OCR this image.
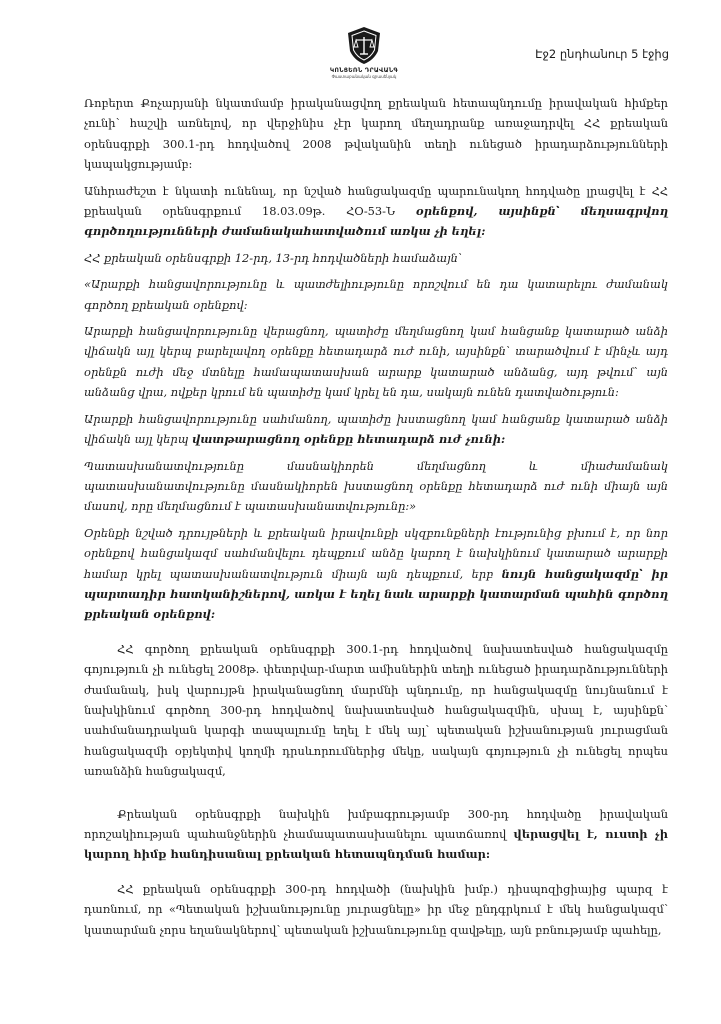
ԿՈՆՑԵՌՆ ԴՐԱՎԱՆԳ
Փաստաբանական գրասենյակ
Էջ2 ընդհանուր 5 էջից

Ռոբերտ Քոչարյանի նկատմամբ իրականացվող քրեական հետապնդումը իրավական հիմքեր չունի՝ հաշվի առնելով, որ վերջինիս չէր կարող մեղադրանք առաջադրվել ՀՀ քրեական օրենսգրքի 300.1-րդ հոդվածով 2008 թվականին տեղի ունեցած իրադարձությունների կապակցությամբ:

Անհրաժեշտ է նկատի ունենալ, որ նշված հանցակազմը պարունակող հոդվածը լրացվել է ՀՀ քրեական օրենսգրքում 18.03.09թ. ՀՕ-53-Ն օրենքով, այսինքն՝ մեղսագրվող գործողությունների ժամանակահատվածում առկա չի եղել:

ՀՀ քրեական օրենսգրքի 12-րդ, 13-րդ հոդվածների համաձայն՝

«Արարքի հանցավորությունը և պատժելիությունը որոշվում են դա կատարելու ժամանակ գործող քրեական օրենքով:

Արարքի հանցավորությունը վերացնող, պատիժը մեղմացնող կամ հանցանք կատարած անձի վիճակն այլ կերպ բարելավող օրենքը հետադարձ ուժ ունի, այսինքն՝ տարածվում է մինչև այդ օրենքն ուժի մեջ մտնելը համապատասխան արարք կատարած անձանց, այդ թվում՝ այն անձանց վրա, ովքեր կրում են պատիժը կամ կրել են դա, սակայն ունեն դատվածություն:

Արարքի հանցավորությունը սահմանող, պատիժը խստացնող կամ հանցանք կատարած անձի վիճակն այլ կերպ վատթարացնող օրենքը հետադարձ ուժ չունի:

Պատասխանատվությունը մասնակիորեն մեղմացնող և միաժամանակ պատասխանատվությունը մասնակիորեն խստացնող օրենքը հետադարձ ուժ ունի միայն այն մասով, որը մեղմացնում է պատասխանատվությունը:»

Օրենքի նշված դրույթների և քրեական իրավունքի սկզբունքների էությունից բխում է, որ նոր օրենքով հանցակազմ սահմանվելու դեպքում անձը կարող է նախկինում կատարած արարքի համար կրել պատասխանատվություն միայն այն դեպքում, երբ նույն հանցակազմը՝ իր պարտադիր հատկանիշներով, առկա է եղել նաև արարքի կատարման պահին գործող քրեական օրենքով:

ՀՀ գործող քրեական օրենսգրքի 300.1-րդ հոդվածով նախատեսված հանցակազմը գոյություն չի ունեցել 2008թ. փետրվար-մարտ ամիսներին տեղի ունեցած իրադարձությունների ժամանակ, իսկ վարույթն իրականացնող մարմնի պնդումը, որ հանցակազմը նույնանում է նախկինում գործող 300-րդ հոդվածով նախատեսված հանցակազմին, սխալ է, այսինքն՝ սահմանադրական կարգի տապալումը եղել է մեկ այլ՝ պետական իշխանության յուրացման հանցակազմի օբյեկտիվ կողմի դրսևորումներից մեկը, սակայն գոյություն չի ունեցել որպես առանձին հանցակազմ,

Քրեական օրենսգրքի նախկին խմբագրությամբ 300-րդ հոդվածը իրավական որոշակիության պահանջներին չհամապատասխանելու պատճառով վերացվել է, ուստի չի կարող հիմք հանդիսանալ քրեական հետապնդման համար:

ՀՀ քրեական օրենսգրքի 300-րդ հոդվածի (նախկին խմբ.) դիսպոզիցիայից պարզ է դառնում, որ «Պետական իշխանությունը յուրացնելը» իր մեջ ընդգրկում է մեկ հանցակազմ՝ կատարման չորս եղանակներով՝ պետական իշխանությունը զավթելը, այն բռնությամբ պահելը,
